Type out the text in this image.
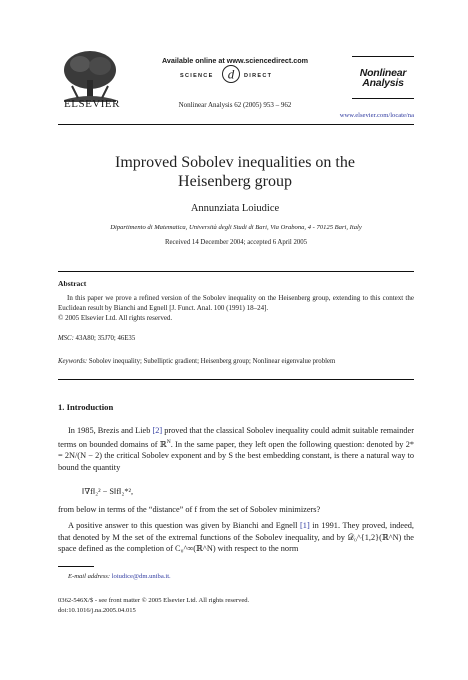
ELSEVIER
Available online at www.sciencedirect.com
SCIENCE d DIRECT
Nonlinear Analysis 62 (2005) 953 – 962
Nonlinear
Analysis
www.elsevier.com/locate/na
Improved Sobolev inequalities on the
Heisenberg group
Annunziata Loiudice
Dipartimento di Matematica, Università degli Studi di Bari, Via Orabona, 4 - 70125 Bari, Italy
Received 14 December 2004; accepted 6 April 2005
Abstract

In this paper we prove a refined version of the Sobolev inequality on the Heisenberg group, extending to this context the Euclidean result by Bianchi and Egnell [J. Funct. Anal. 100 (1991) 18–24].

© 2005 Elsevier Ltd. All rights reserved.
MSC: 43A80; 35J70; 46E35
Keywords: Sobolev inequality; Subelliptic gradient; Heisenberg group; Nonlinear eigenvalue problem
1. Introduction
In 1985, Brezis and Lieb [2] proved that the classical Sobolev inequality could admit suitable remainder terms on bounded domains of ℝ$^N$. In the same paper, they left open the following question: denoted by 2* = 2N/(N − 2) the critical Sobolev exponent and by S the best embedding constant, is there a natural way to bound the quantity
‖∇f‖₂² − S‖f‖₂*²,
from below in terms of the “distance” of f from the set of Sobolev minimizers?
A positive answer to this question was given by Bianchi and Egnell [1] in 1991. They proved, indeed, that denoted by M the set of the extremal functions of the Sobolev inequality, and by 𝒟₀^{1,2}(ℝ^N) the space defined as the completion of C₀^∞(ℝ^N) with respect to the norm
E-mail address: loiudice@dm.uniba.it.
0362-546X/$ - see front matter © 2005 Elsevier Ltd. All rights reserved.
doi:10.1016/j.na.2005.04.015
